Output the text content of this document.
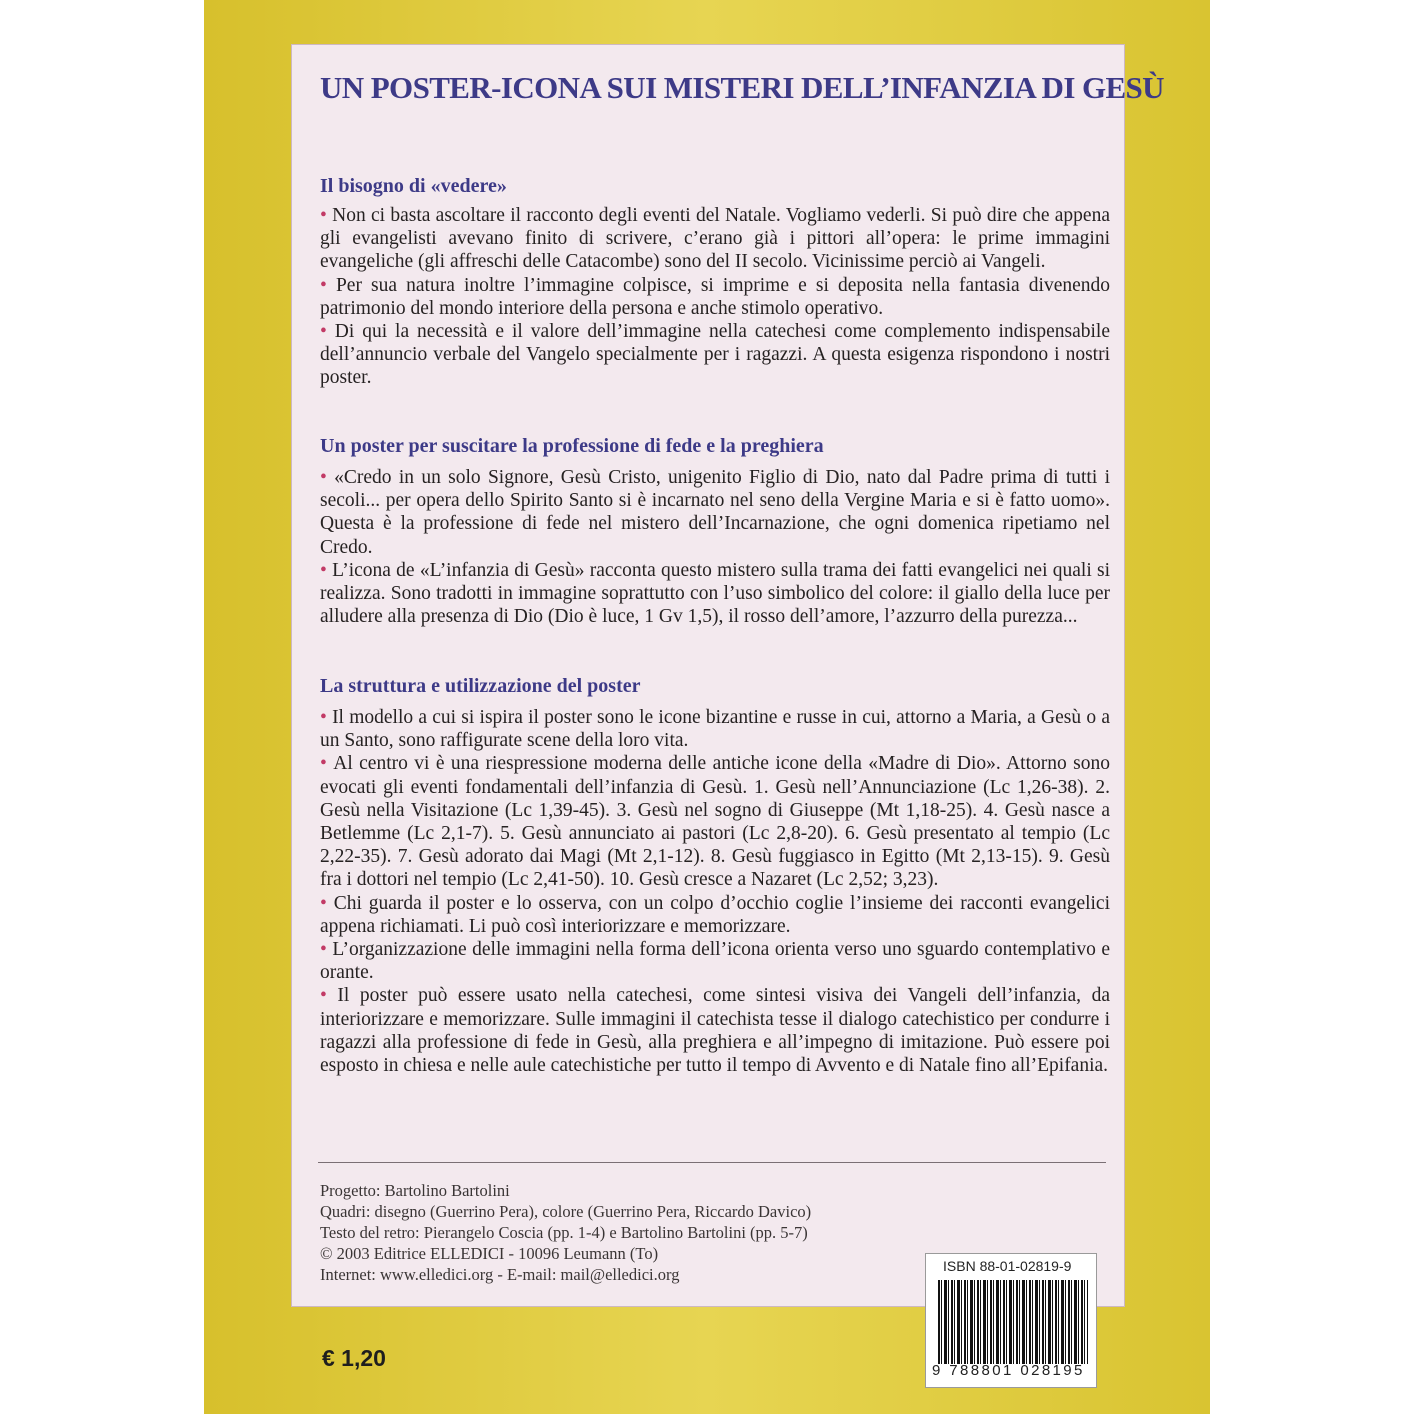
UN POSTER-ICONA SUI MISTERI DELL’INFANZIA DI GESÙ
Il bisogno di «vedere»

• Non ci basta ascoltare il racconto degli eventi del Natale. Vogliamo vederli. Si può dire che appena gli evangelisti avevano finito di scrivere, c’erano già i pittori all’opera: le prime immagini evangeliche (gli affreschi delle Catacombe) sono del II secolo. Vicinissime perciò ai Vangeli.

• Per sua natura inoltre l’immagine colpisce, si imprime e si deposita nella fantasia divenendo patrimonio del mondo interiore della persona e anche stimolo operativo.

• Di qui la necessità e il valore dell’immagine nella catechesi come complemento indispensabile dell’annuncio verbale del Vangelo specialmente per i ragazzi. A questa esigenza rispondono i nostri poster.

Un poster per suscitare la professione di fede e la preghiera

• «Credo in un solo Signore, Gesù Cristo, unigenito Figlio di Dio, nato dal Padre prima di tutti i secoli... per opera dello Spirito Santo si è incarnato nel seno della Vergine Maria e si è fatto uomo». Questa è la professione di fede nel mistero dell’Incarnazione, che ogni domenica ripetiamo nel Credo.

• L’icona de «L’infanzia di Gesù» racconta questo mistero sulla trama dei fatti evangelici nei quali si realizza. Sono tradotti in immagine soprattutto con l’uso simbolico del colore: il giallo della luce per alludere alla presenza di Dio (Dio è luce, 1 Gv 1,5), il rosso dell’amore, l’azzurro della purezza...

La struttura e utilizzazione del poster

• Il modello a cui si ispira il poster sono le icone bizantine e russe in cui, attorno a Maria, a Gesù o a un Santo, sono raffigurate scene della loro vita.

• Al centro vi è una riespressione moderna delle antiche icone della «Madre di Dio». Attorno sono evocati gli eventi fondamentali dell’infanzia di Gesù. 1. Gesù nell’Annunciazione (Lc 1,26-38). 2. Gesù nella Visitazione (Lc 1,39-45). 3. Gesù nel sogno di Giuseppe (Mt 1,18-25). 4. Gesù nasce a Betlemme (Lc 2,1-7). 5. Gesù annunciato ai pastori (Lc 2,8-20). 6. Gesù presentato al tempio (Lc 2,22-35). 7. Gesù adorato dai Magi (Mt 2,1-12). 8. Gesù fuggiasco in Egitto (Mt 2,13-15). 9. Gesù fra i dottori nel tempio (Lc 2,41-50). 10. Gesù cresce a Nazaret (Lc 2,52; 3,23).

• Chi guarda il poster e lo osserva, con un colpo d’occhio coglie l’insieme dei racconti evangelici appena richiamati. Li può così interiorizzare e memorizzare.

• L’organizzazione delle immagini nella forma dell’icona orienta verso uno sguardo contemplativo e orante.

• Il poster può essere usato nella catechesi, come sintesi visiva dei Vangeli dell’infanzia, da interiorizzare e memorizzare. Sulle immagini il catechista tesse il dialogo catechistico per condurre i ragazzi alla professione di fede in Gesù, alla preghiera e all’impegno di imitazione. Può essere poi esposto in chiesa e nelle aule catechistiche per tutto il tempo di Avvento e di Natale fino all’Epifania.

Progetto: Bartolino Bartolini
Quadri: disegno (Guerrino Pera), colore (Guerrino Pera, Riccardo Davico)
Testo del retro: Pierangelo Coscia (pp. 1-4) e Bartolino Bartolini (pp. 5-7)
© 2003 Editrice ELLEDICI - 10096 Leumann (To)
Internet: www.elledici.org - E-mail: mail@elledici.org
€ 1,20
ISBN 88-01-02819-9
9 788801 028195
